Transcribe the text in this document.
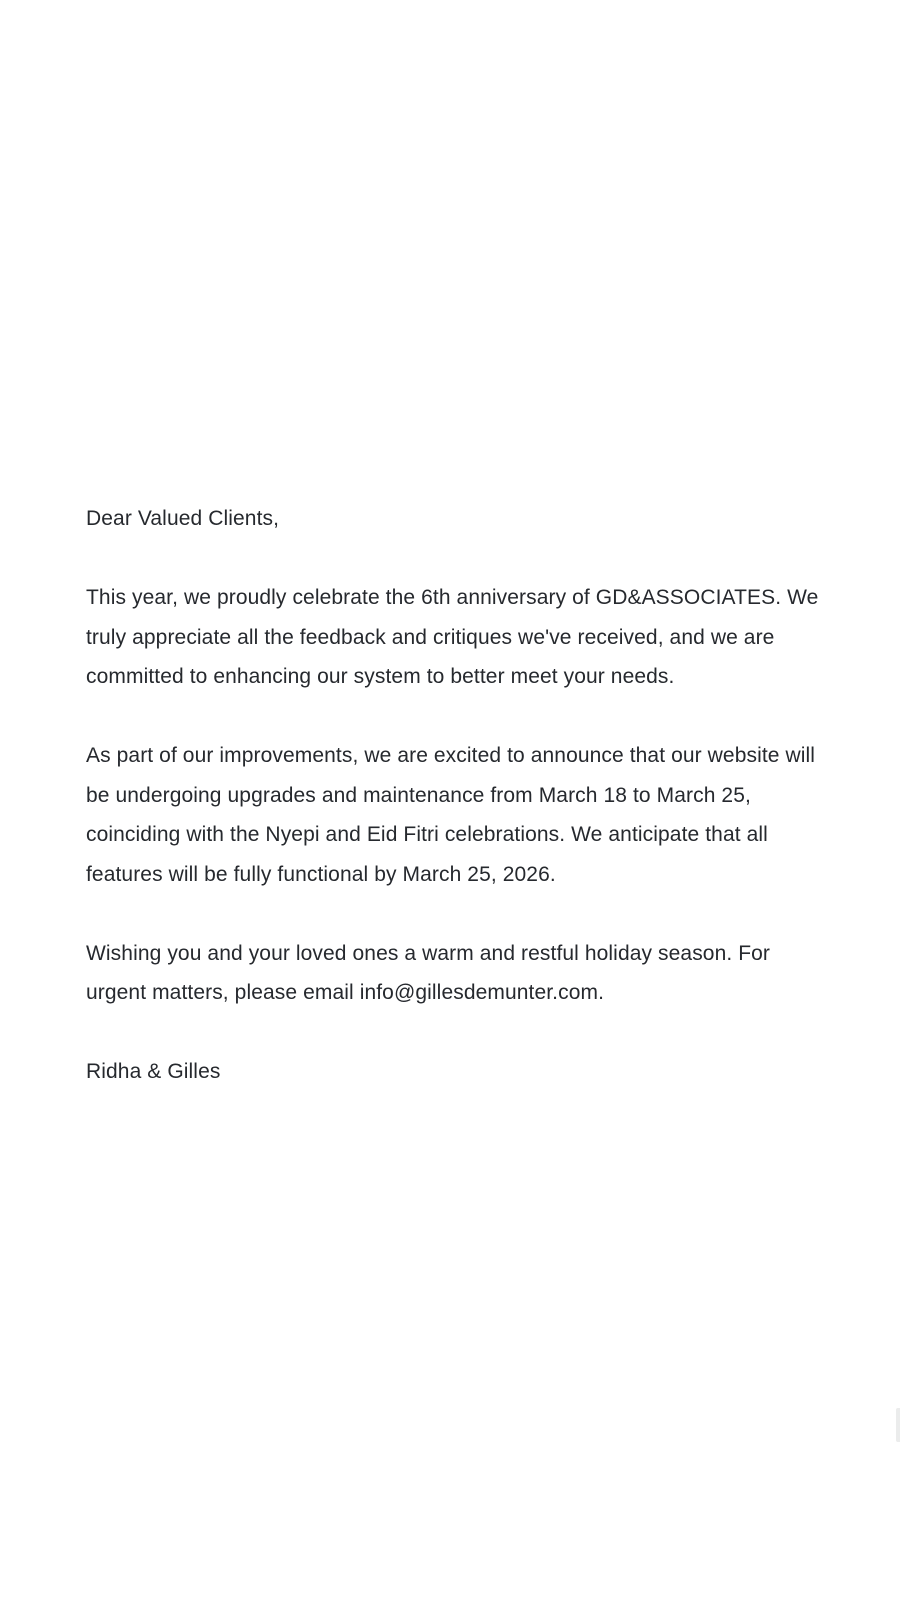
Dear Valued Clients,

This year, we proudly celebrate the 6th anniversary of GD&ASSOCIATES. We truly appreciate all the feedback and critiques we've received, and we are committed to enhancing our system to better meet your needs.

As part of our improvements, we are excited to announce that our website will be undergoing upgrades and maintenance from March 18 to March 25, coinciding with the Nyepi and Eid Fitri celebrations. We anticipate that all features will be fully functional by March 25, 2026.

Wishing you and your loved ones a warm and restful holiday season. For urgent matters, please email info@gillesdemunter.com.

Ridha & Gilles
